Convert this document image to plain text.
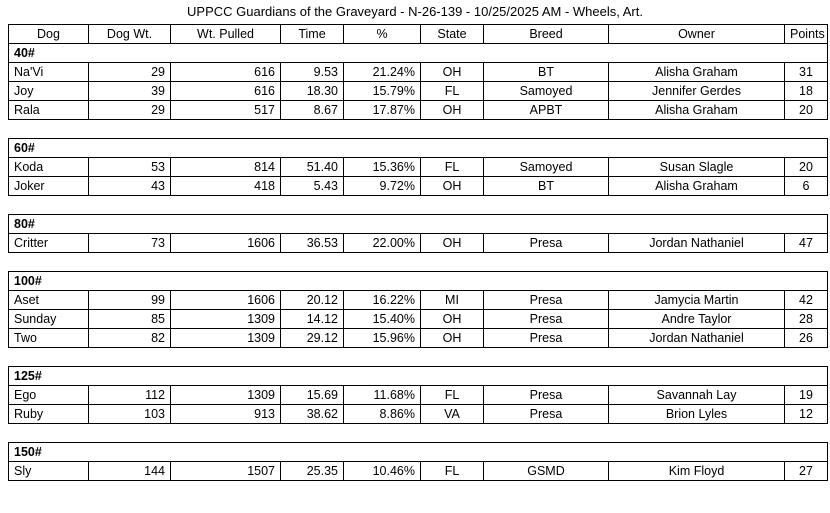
UPPCC Guardians of the Graveyard - N-26-139 - 10/25/2025 AM - Wheels, Art.
Dog	Dog Wt.	Wt. Pulled	Time	%	State	Breed	Owner	Points
40#								
Na'Vi	29	616	9.53	21.24%	OH	BT	Alisha Graham	31
Joy	39	616	18.30	15.79%	FL	Samoyed	Jennifer Gerdes	18
Rala	29	517	8.67	17.87%	OH	APBT	Alisha Graham	20

60#								
Koda	53	814	51.40	15.36%	FL	Samoyed	Susan Slagle	20
Joker	43	418	5.43	9.72%	OH	BT	Alisha Graham	6

80#								
Critter	73	1606	36.53	22.00%	OH	Presa	Jordan Nathaniel	47

100#								
Aset	99	1606	20.12	16.22%	MI	Presa	Jamycia Martin	42
Sunday	85	1309	14.12	15.40%	OH	Presa	Andre Taylor	28
Two	82	1309	29.12	15.96%	OH	Presa	Jordan Nathaniel	26

125#								
Ego	112	1309	15.69	11.68%	FL	Presa	Savannah Lay	19
Ruby	103	913	38.62	8.86%	VA	Presa	Brion Lyles	12

150#								
Sly	144	1507	25.35	10.46%	FL	GSMD	Kim Floyd	27
